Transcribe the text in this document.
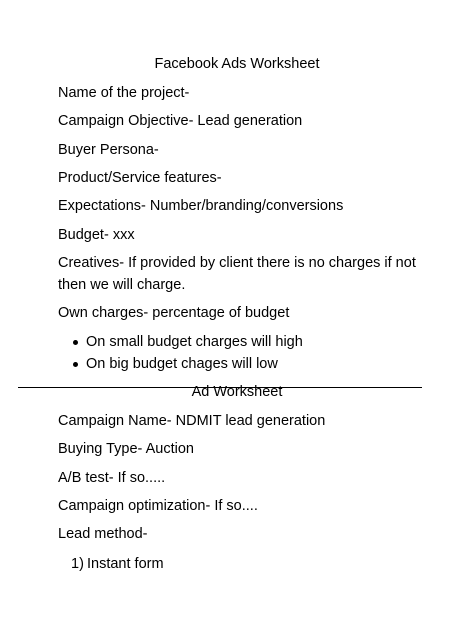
Facebook Ads Worksheet
Name of the project-
Campaign Objective- Lead generation
Buyer Persona-
Product/Service features-
Expectations- Number/branding/conversions
Budget- xxx
Creatives- If provided by client there is no charges if not then we will charge.
Own charges- percentage of budget
On small budget charges will high
On big budget chages will low
Ad Worksheet
Campaign Name- NDMIT lead generation
Buying Type- Auction
A/B test- If so.....
Campaign optimization- If so....
Lead method-
1) Instant form
